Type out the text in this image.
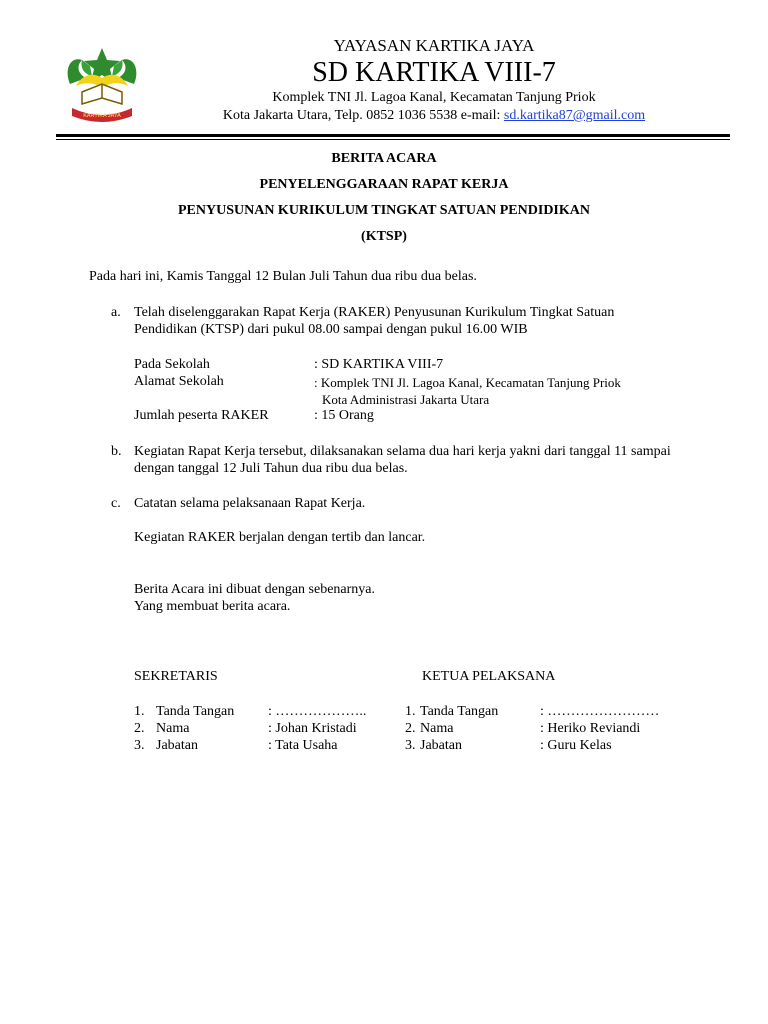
KARTIKA JAYA
YAYASAN KARTIKA JAYA
SD KARTIKA VIII-7
Komplek TNI Jl. Lagoa Kanal, Kecamatan Tanjung Priok
Kota Jakarta Utara, Telp. 0852 1036 5538 e-mail: sd.kartika87@gmail.com
BERITA ACARA
PENYELENGGARAAN RAPAT KERJA
PENYUSUNAN KURIKULUM TINGKAT SATUAN PENDIDIKAN
(KTSP)
Pada hari ini, Kamis Tanggal 12 Bulan Juli Tahun dua ribu dua belas.
a. Telah diselenggarakan Rapat Kerja (RAKER) Penyusunan Kurikulum Tingkat Satuan
Pendidikan (KTSP) dari pukul 08.00 sampai dengan pukul 16.00 WIB
Pada Sekolah	: SD KARTIKA VIII-7
Alamat Sekolah	: Komplek TNI Jl. Lagoa Kanal, Kecamatan Tanjung Priok
Kota Administrasi Jakarta Utara
Jumlah peserta RAKER	: 15 Orang
b. Kegiatan Rapat Kerja tersebut, dilaksanakan selama dua hari kerja yakni dari tanggal 11 sampai
dengan tanggal 12 Juli Tahun dua ribu dua belas.
c. Catatan selama pelaksanaan Rapat Kerja.
Kegiatan RAKER berjalan dengan tertib dan lancar.
Berita Acara ini dibuat dengan sebenarnya.
Yang membuat berita acara.
SEKRETARIS	KETUA PELAKSANA
1. Tanda Tangan : ………………..
2. Nama	: Johan Kristadi
3. Jabatan	: Tata Usaha
1. Tanda Tangan	: ……………………
2. Nama	: Heriko Reviandi
3. Jabatan	: Guru Kelas
